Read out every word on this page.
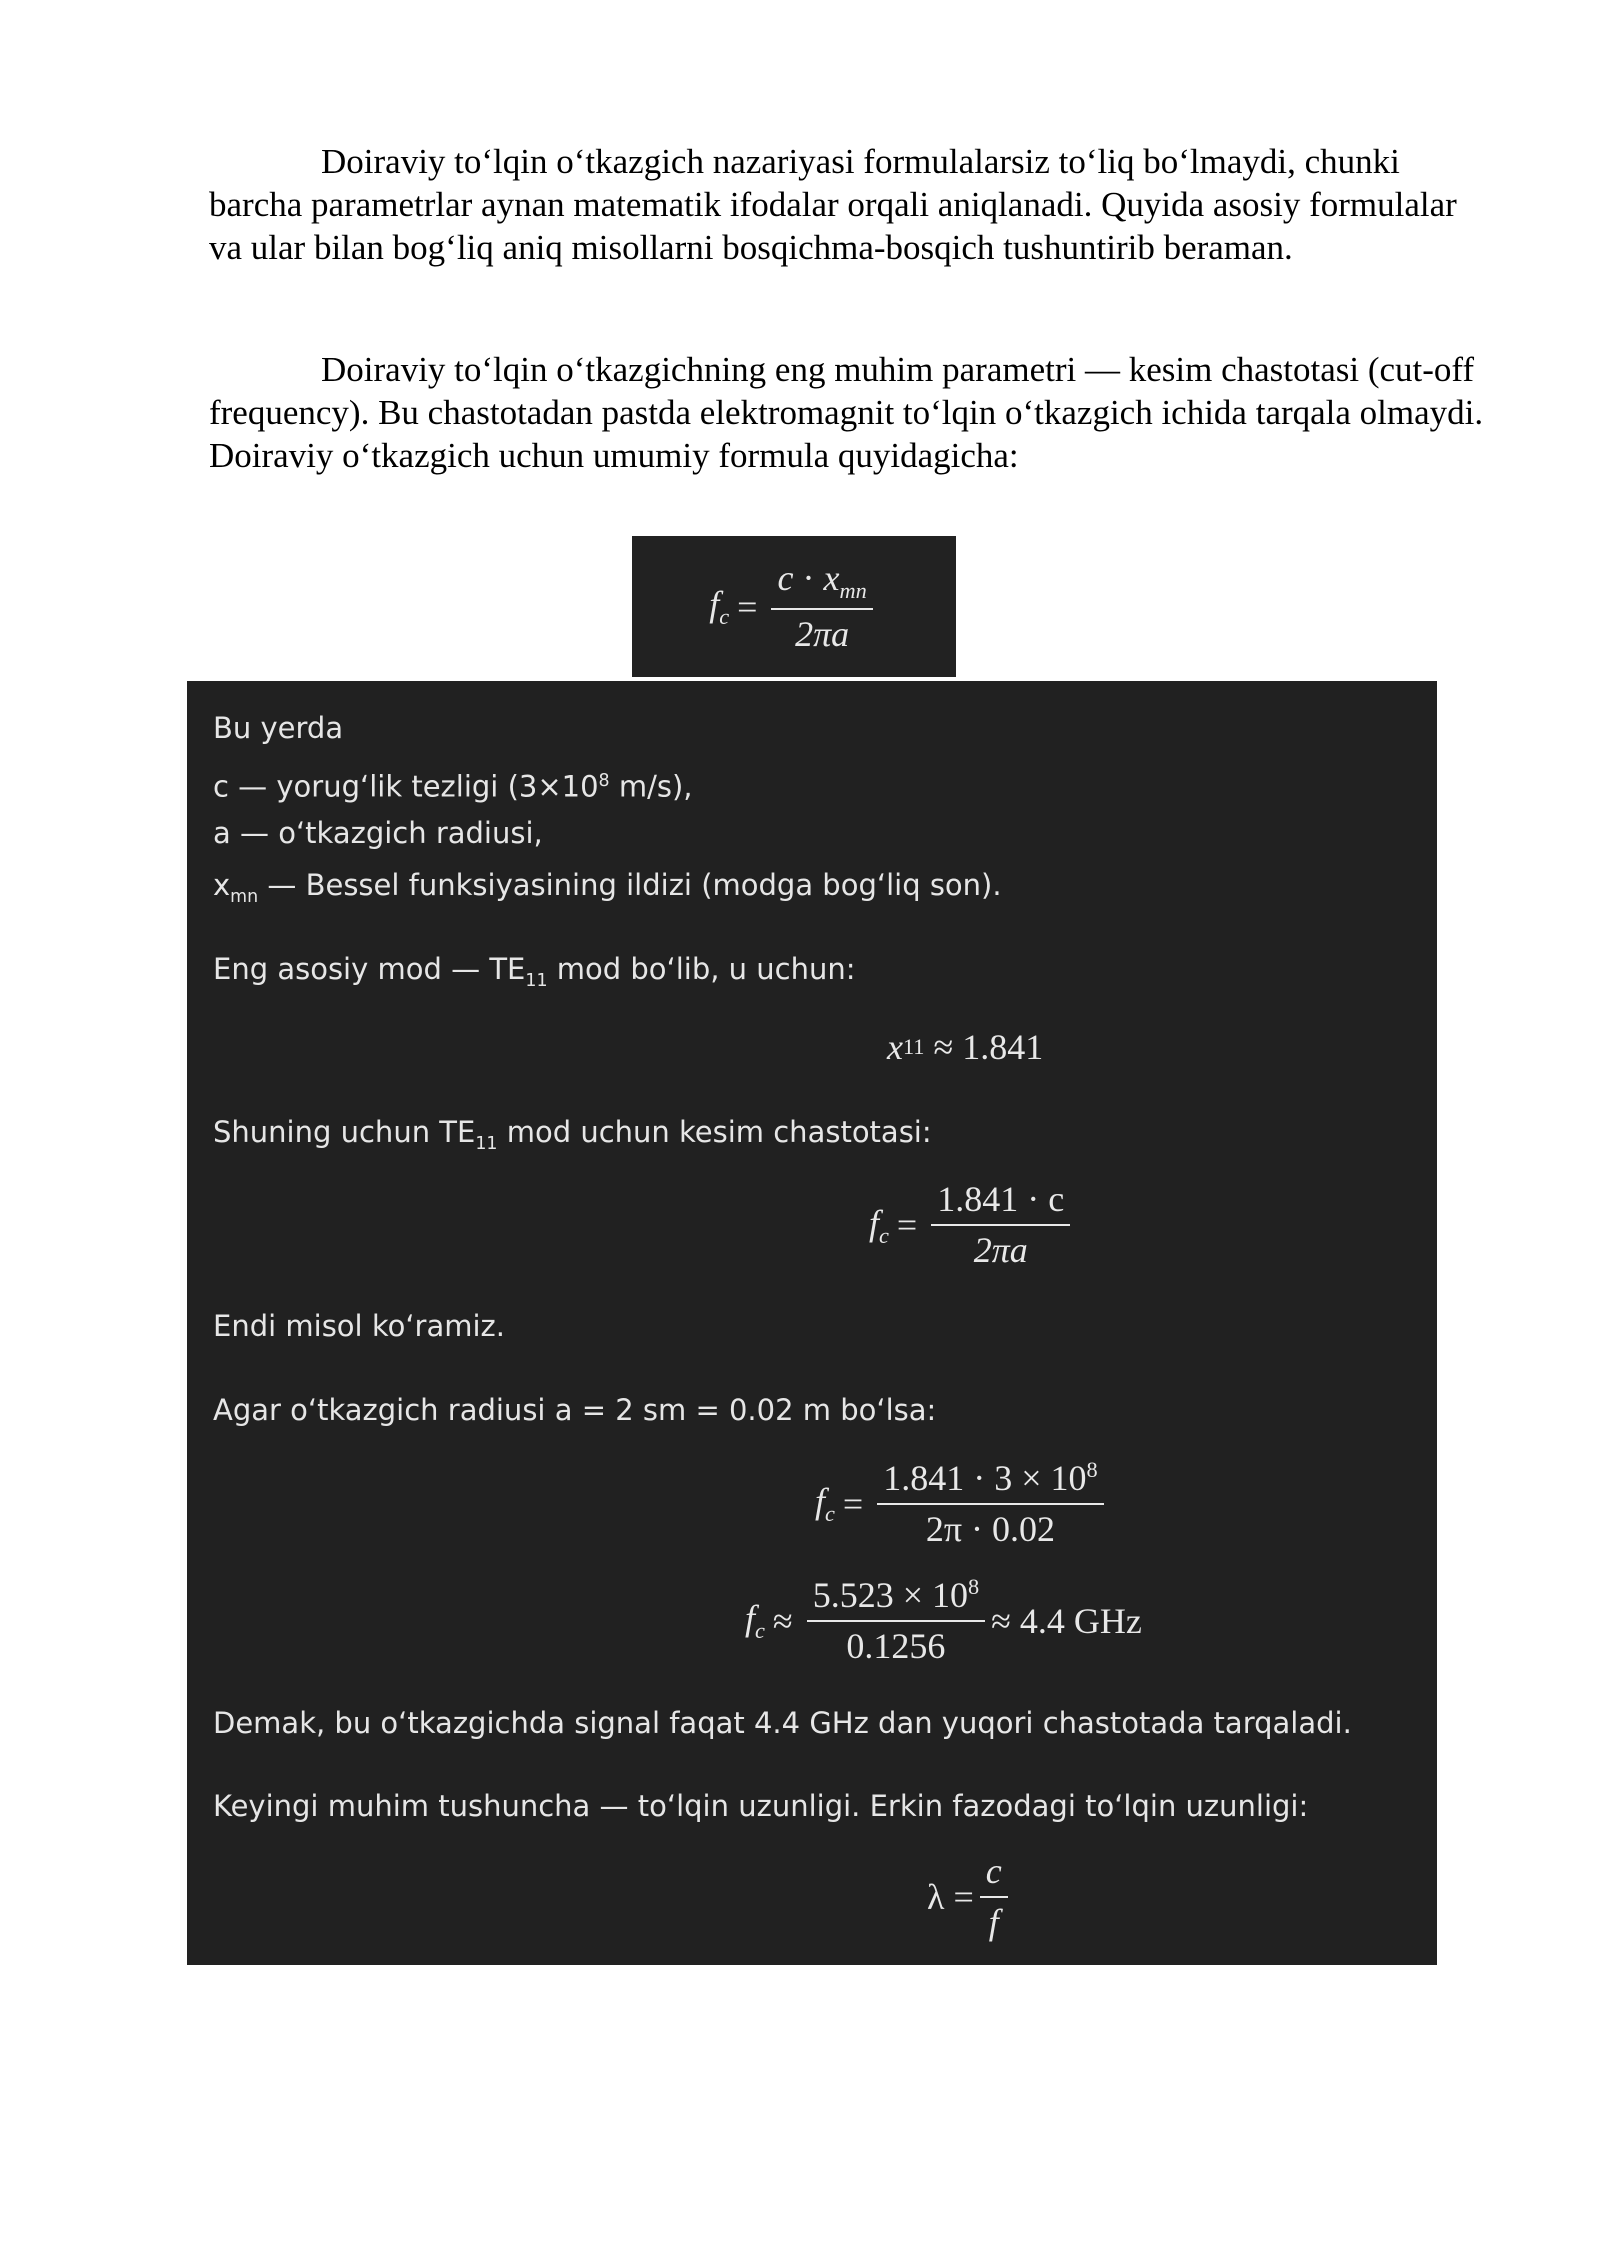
Doiraviy to‘lqin o‘tkazgich nazariyasi formulalarsiz to‘liq bo‘lmaydi, chunki barcha parametrlar aynan matematik ifodalar orqali aniqlanadi. Quyida asosiy formulalar va ular bilan bog‘liq aniq misollarni bosqichma-bosqich tushuntirib beraman.

Doiraviy to‘lqin o‘tkazgichning eng muhim parametri — kesim chastotasi (cut-off frequency). Bu chastotadan pastda elektromagnit to‘lqin o‘tkazgich ichida tarqala olmaydi. Doiraviy o‘tkazgich uchun umumiy formula quyidagicha:

$f_c = \frac{c \cdot x_{mn}}{2\pi a}$
Bu yerda
c — yorug‘lik tezligi ($3\times 10^8$ m/s),
a — o‘tkazgich radiusi,
$x_{mn}$ — Bessel funksiyasining ildizi (modga bog‘liq son).
Eng asosiy mod — $TE_{11}$ mod bo‘lib, u uchun:
x 11
≈ 1.841
Shuning uchun $TE_{11}$ mod uchun kesim chastotasi:
$f_c = \frac{1.841 \cdot c}{2\pi a}$
Endi misol ko‘ramiz.
Agar o‘tkazgich radiusi a = 2 sm = 0.02 m bo‘lsa:
$f_c = \frac{1.841 \cdot 3 \times 10^8}{2\pi \cdot 0.02}$
$f_c \approx \frac{5.523 \times 10^8}{0.1256} \approx 4.4$ GHz
Demak, bu o‘tkazgichda signal faqat 4.4 GHz dan yuqori chastotada tarqaladi.
Keyingi muhim tushuncha — to‘lqin uzunligi. Erkin fazodagi to‘lqin uzunligi:
$\lambda = \frac{c}{f}$
